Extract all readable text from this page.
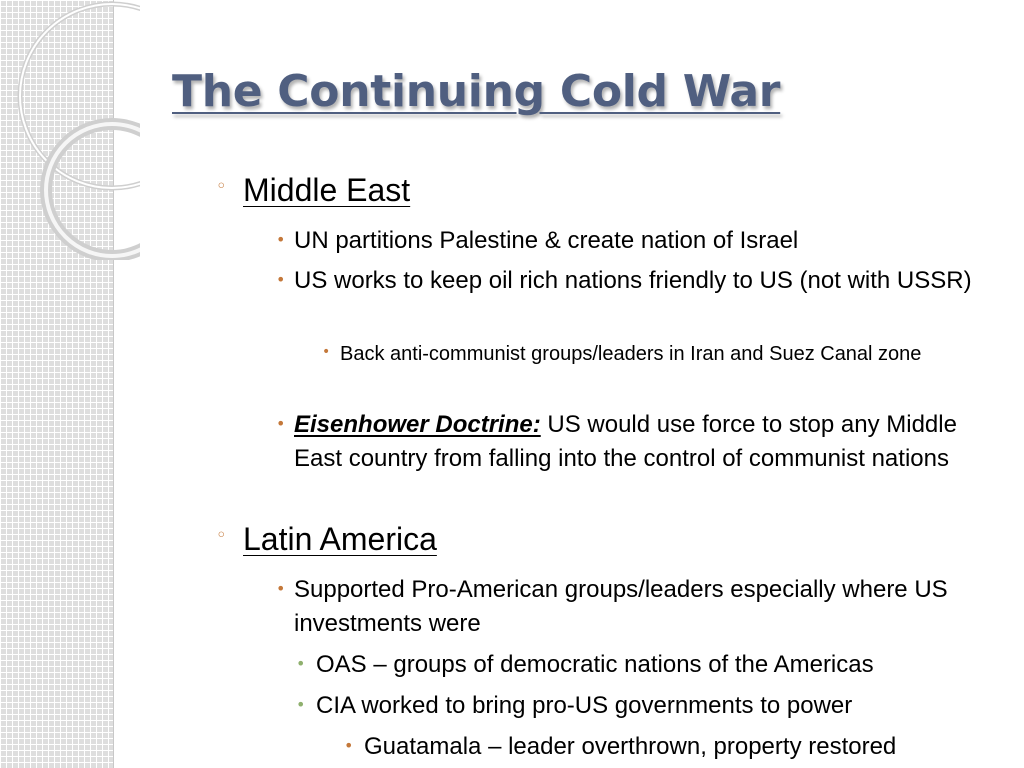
The Continuing Cold War
◦ Middle East
• UN partitions Palestine & create nation of Israel
• US works to keep oil rich nations friendly to US (not with USSR)
• Back anti-communist groups/leaders in Iran and Suez Canal zone
• Eisenhower Doctrine: US would use force to stop any Middle East country from falling into the control of communist nations
◦ Latin America
• Supported Pro-American groups/leaders especially where US investments were
• OAS – groups of democratic nations of the Americas
• CIA worked to bring pro-US governments to power
• Guatamala – leader overthrown, property restored
